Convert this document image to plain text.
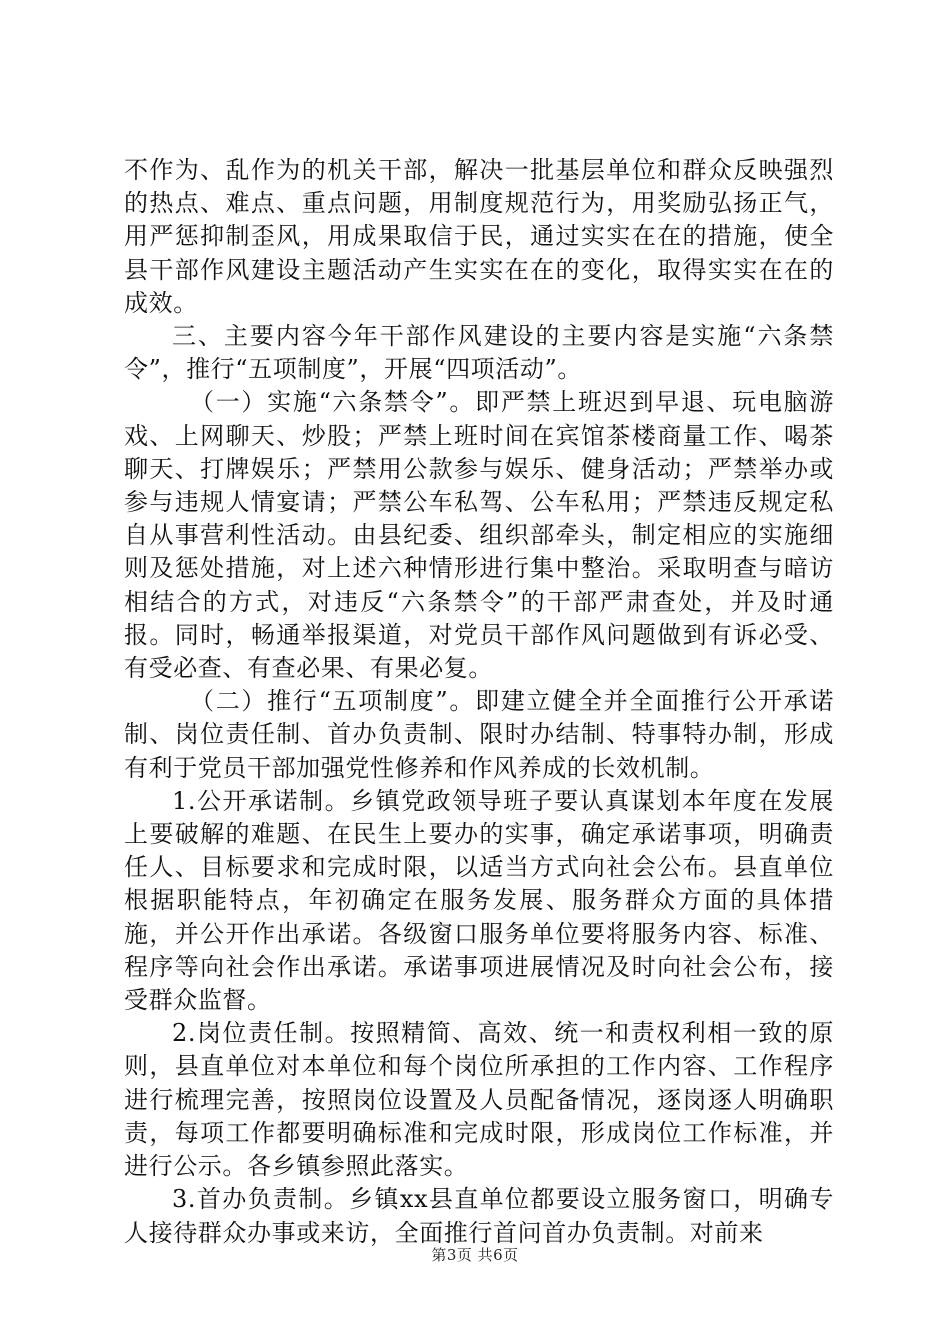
不作为、乱作为的机关干部，解决一批基层单位和群众反映强烈的热点、难点、重点问题，用制度规范行为，用奖励弘扬正气，用严惩抑制歪风，用成果取信于民，通过实实在在的措施，使全县干部作风建设主题活动产生实实在在的变化，取得实实在在的成效。

三、主要内容今年干部作风建设的主要内容是实施“六条禁令”，推行“五项制度”，开展“四项活动”。

（一）实施“六条禁令”。即严禁上班迟到早退、玩电脑游戏、上网聊天、炒股；严禁上班时间在宾馆茶楼商量工作、喝茶聊天、打牌娱乐；严禁用公款参与娱乐、健身活动；严禁举办或参与违规人情宴请；严禁公车私驾、公车私用；严禁违反规定私自从事营利性活动。由县纪委、组织部牵头，制定相应的实施细则及惩处措施，对上述六种情形进行集中整治。采取明查与暗访相结合的方式，对违反“六条禁令”的干部严肃查处，并及时通报。同时，畅通举报渠道，对党员干部作风问题做到有诉必受、有受必查、有查必果、有果必复。

（二）推行“五项制度”。即建立健全并全面推行公开承诺制、岗位责任制、首办负责制、限时办结制、特事特办制，形成有利于党员干部加强党性修养和作风养成的长效机制。

1.公开承诺制。乡镇党政领导班子要认真谋划本年度在发展上要破解的难题、在民生上要办的实事，确定承诺事项，明确责任人、目标要求和完成时限，以适当方式向社会公布。县直单位根据职能特点，年初确定在服务发展、服务群众方面的具体措施，并公开作出承诺。各级窗口服务单位要将服务内容、标准、程序等向社会作出承诺。承诺事项进展情况及时向社会公布，接受群众监督。

2.岗位责任制。按照精简、高效、统一和责权利相一致的原则，县直单位对本单位和每个岗位所承担的工作内容、工作程序进行梳理完善，按照岗位设置及人员配备情况，逐岗逐人明确职责，每项工作都要明确标准和完成时限，形成岗位工作标准，并进行公示。各乡镇参照此落实。

3.首办负责制。乡镇xx县直单位都要设立服务窗口，明确专人接待群众办事或来访，全面推行首问首办负责制。对前来

第3页 共6页
